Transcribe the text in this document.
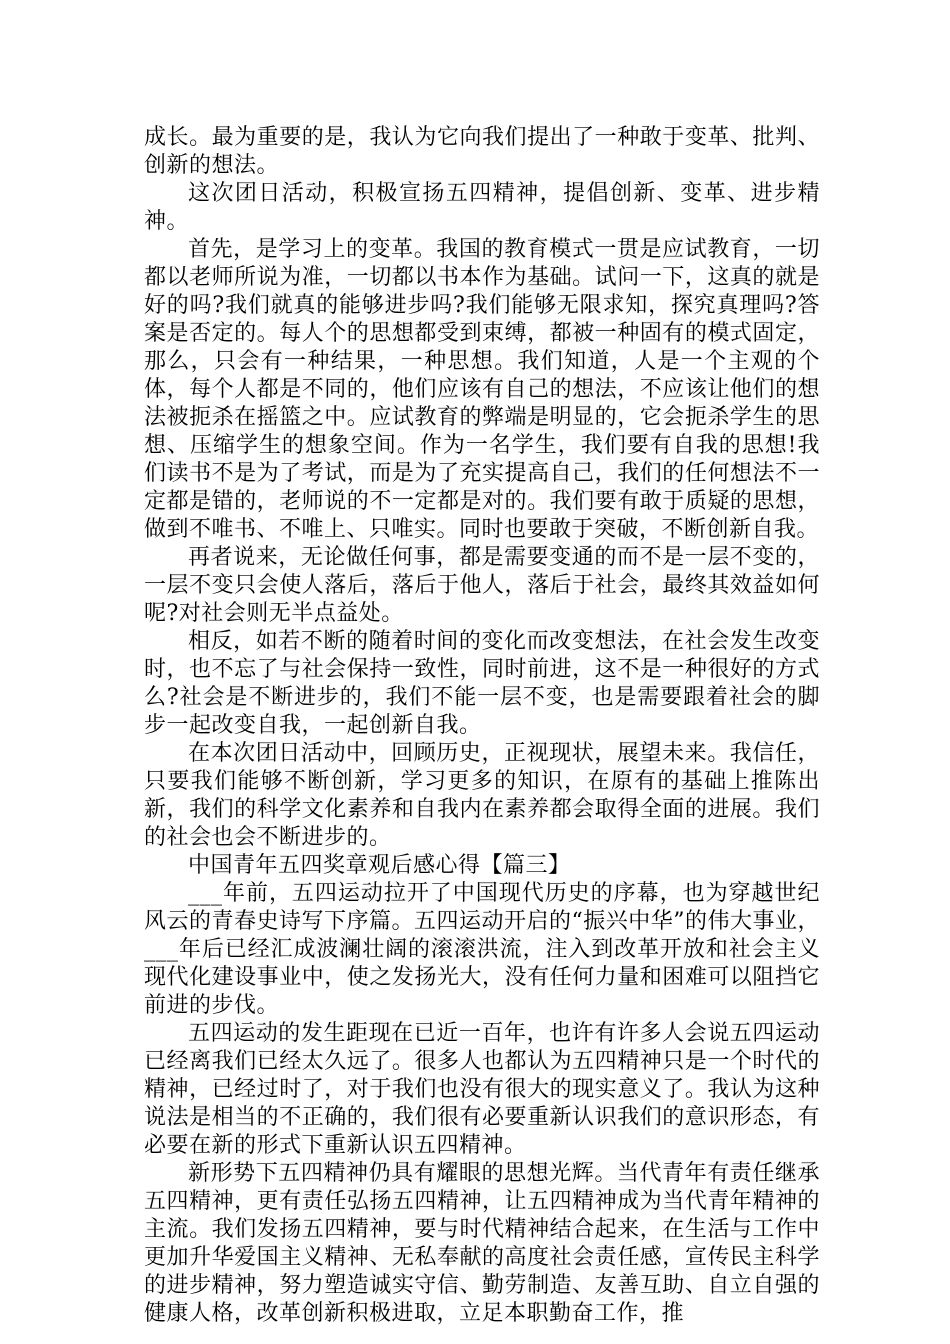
成长。最为重要的是，我认为它向我们提出了一种敢于变革、批判、创新的想法。

这次团日活动，积极宣扬五四精神，提倡创新、变革、进步精神。

首先，是学习上的变革。我国的教育模式一贯是应试教育，一切都以老师所说为准，一切都以书本作为基础。试问一下，这真的就是好的吗?我们就真的能够进步吗?我们能够无限求知，探究真理吗?答案是否定的。每人个的思想都受到束缚，都被一种固有的模式固定，那么，只会有一种结果，一种思想。我们知道，人是一个主观的个体，每个人都是不同的，他们应该有自己的想法，不应该让他们的想法被扼杀在摇篮之中。应试教育的弊端是明显的，它会扼杀学生的思想、压缩学生的想象空间。作为一名学生，我们要有自我的思想!我们读书不是为了考试，而是为了充实提高自己，我们的任何想法不一定都是错的，老师说的不一定都是对的。我们要有敢于质疑的思想，做到不唯书、不唯上、只唯实。同时也要敢于突破，不断创新自我。

再者说来，无论做任何事，都是需要变通的而不是一层不变的，一层不变只会使人落后，落后于他人，落后于社会，最终其效益如何呢?对社会则无半点益处。

相反，如若不断的随着时间的变化而改变想法，在社会发生改变时，也不忘了与社会保持一致性，同时前进，这不是一种很好的方式么?社会是不断进步的，我们不能一层不变，也是需要跟着社会的脚步一起改变自我，一起创新自我。

在本次团日活动中，回顾历史，正视现状，展望未来。我信任，只要我们能够不断创新，学习更多的知识，在原有的基础上推陈出新，我们的科学文化素养和自我内在素养都会取得全面的进展。我们的社会也会不断进步的。

中国青年五四奖章观后感心得【篇三】

___年前，五四运动拉开了中国现代历史的序幕，也为穿越世纪风云的青春史诗写下序篇。五四运动开启的“振兴中华”的伟大事业，___年后已经汇成波澜壮阔的滚滚洪流，注入到改革开放和社会主义现代化建设事业中，使之发扬光大，没有任何力量和困难可以阻挡它前进的步伐。

五四运动的发生距现在已近一百年，也许有许多人会说五四运动已经离我们已经太久远了。很多人也都认为五四精神只是一个时代的精神，已经过时了，对于我们也没有很大的现实意义了。我认为这种说法是相当的不正确的，我们很有必要重新认识我们的意识形态，有必要在新的形式下重新认识五四精神。

新形势下五四精神仍具有耀眼的思想光辉。当代青年有责任继承五四精神，更有责任弘扬五四精神，让五四精神成为当代青年精神的主流。我们发扬五四精神，要与时代精神结合起来，在生活与工作中更加升华爱国主义精神、无私奉献的高度社会责任感，宣传民主科学的进步精神，努力塑造诚实守信、勤劳制造、友善互助、自立自强的健康人格，改革创新积极进取，立足本职勤奋工作，推
